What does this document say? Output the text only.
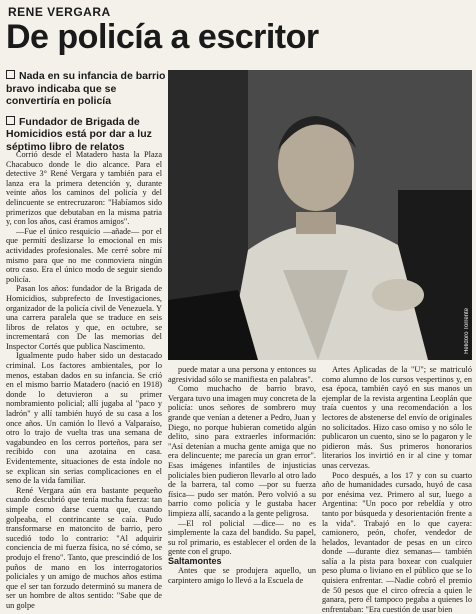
RENE VERGARA
De policía a escritor
Nada en su infancia de barrio bravo indicaba que se convertiría en policía
Fundador de Brigada de Homicidios está por dar a luz séptimo libro de relatos
Helidoro Torrente

Corrió desde el Matadero hasta la Plaza Chacabuco donde le dio alcance. Para el detective 3° René Vergara y también para el lanza era la primera detención y, durante veinte años los caminos del policía y del delincuente se entrecruzaron: "Habíamos sido primerizos que debutaban en la misma patria y, con los años, casi éramos amigos".

—Fue el único resquicio —añade— por el que permití deslizarse lo emocional en mis actividades profesionales. Me cerré sobre mí mismo para que no me conmoviera ningún otro caso. Era el único modo de seguir siendo policía.

Pasan los años: fundador de la Brigada de Homicidios, subprefecto de Investigaciones, organizador de la policía civil de Venezuela. Y una carrera paralela que se traduce en seis libros de relatos y que, en octubre, se incrementará con De las memorias del Inspector Cortés que publica Nascimento.

Igualmente pudo haber sido un destacado criminal. Los factores ambientales, por lo menos, estaban dados en su infancia. Se crió en el mismo barrio Matadero (nació en 1918) donde lo detuvieron a su primer nombramiento policial; allí jugaba al "paco y ladrón" y allí también huyó de su casa a los once años. Un camión lo llevó a Valparaíso, otro lo trajo de vuelta tras una semana de vagabundeo en los cerros porteños, para ser recibido con una azotaina en casa. Evidentemente, situaciones de esta índole no se explican sin serias complicaciones en el seno de la vida familiar.

René Vergara aún era bastante pequeño cuando descubrió que tenía mucha fuerza: tan simple como darse cuenta que, cuando golpeaba, el contrincante se caía. Pudo transformarse en matoncito de barrio, pero sucedió todo lo contrario: "Al adquirir conciencia de mi fuerza física, no sé cómo, se produjo el freno". Tanto, que prescindió de los puños de mano en los interrogatorios policiales y un amigo de muchos años estima que el ser tan forzudo determinó su manera de ser un hombre de altos sentido: "Sabe que de un golpe

puede matar a una persona y entonces su agresividad sólo se manifiesta en palabras".

Como muchacho de barrio bravo, Vergara tuvo una imagen muy concreta de la policía: unos señores de sombrero muy grande que venían a detener a Pedro, Juan y Diego, no porque hubieran cometido algún delito, sino para extraerles información: "Así detenían a mucha gente amiga que no era delincuente; me parecía un gran error". Esas imágenes infantiles de injusticias policiales bien pudieron llevarlo al otro lado de la barrera, tal como —por su fuerza física— pudo ser matón. Pero volvió a su barrio como policía y le gustaba hacer limpieza allí, sacando a la gente peligrosa.

—El rol policial —dice— no es simplemente la caza del bandido. Su papel, su rol primario, es establecer el orden de la gente con el grupo.

Saltamontes

Antes que se produjera aquello, un carpintero amigo lo llevó a la Escuela de

Artes Aplicadas de la "U"; se matriculó como alumno de los cursos vespertinos y, en esa época, también cayó en sus manos un ejemplar de la revista argentina Leoplán que traía cuentos y una recomendación a los lectores de abstenerse del envío de originales no solicitados. Hizo caso omiso y no sólo le publicaron un cuento, sino se lo pagaron y le pidieron más. Sus primeros honorarios literarios los invirtió en ir al cine y tomar unas cervezas.

Poco después, a los 17 y con su cuarto año de humanidades cursado, huyó de casa por enésima vez. Primero al sur, luego a Argentina: "Un poco por rebeldía y otro tanto por búsqueda y desorientación frente a la vida". Trabajó en lo que cayera: camionero, peón, chofer, vendedor de helados, levantador de pesas en un circo donde —durante diez semanas— también salía a la pista para boxear con cualquier peso pluma o liviano en el público que se lo quisiera enfrentar. —Nadie cobró el premio de 50 pesos que el circo ofrecía a quien le ganara, pero él tampoco pegaba a quienes lo enfrentaban: "Era cuestión de usar bien
